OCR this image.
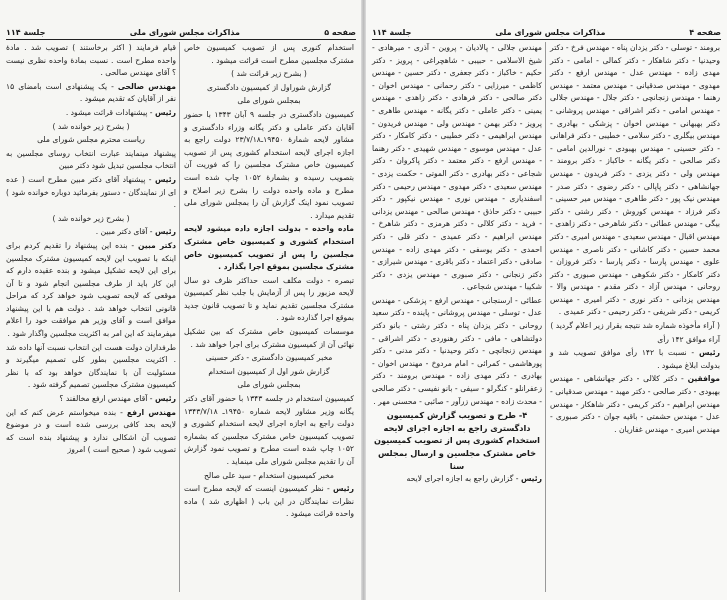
صفحه ۵
مذاکرات مجلس شورای ملی
جلسة ۱۱۴

استخدام کنوری پس از تصویب کمیسیون خاص مشترک مجلسین مطرح است قرائت میشود .

( بشرح زیر قرائت شد )

گزارش شوراول از کمیسیون دادگستری

بمجلس شورای ملی

کمیسیون دادگستری در جلسه ۹ آبان ۱۳۴۳ با حضور آقایان دکتر عاملی و دکتر یگانه وزراء دادگستری و مشاور لایحه شمارهٔ ۱۹۴۵۰ـ۲۳/۷/۱۸ دولت راجع به اجازه اجرای لایحه استخدام کشوری پس از تصویب کمیسیون خاص مشترک مجلسین را که فوریت آن بتصویب رسیده و بشمارهٔ ۱۰۵۲ چاپ شده است مطرح و ماده واحده دولت را بشرح زیر اصلاح و تصویب نمود اینک گزارش آن را بمجلس شورای ملی تقدیم میدارد .

ماده واحده - بدولت اجازه داده میشود لایحه استخدام کشوری و کمیسیون خاص مشترک مجلسین را پس از تصویب کمیسیون خاص مشترک مجلسین بموقع اجرا بگذارد .

تبصره - دولت مکلف است حداکثر ظرف دو سال لایحه مزبور را پس از آزمایش با جلب نظر کمیسیون مشترک مجلسین تقدیم نماید و تا تصویب قانون جدید بموقع اجرا گذارده شود .

موسسات کمیسیون خاص مشترک که بین تشکیل نهائی آن از کمیسیون مشترک برای اجرا خواهد شد .

مخبر کمیسیون دادگستری - دکتر حسینی

گزارش شور اول از کمیسیون استخدام

بمجلس شورای ملی

کمیسیون استخدام در جلسه ۱۳۴۳ با حضور آقای دکتر یگانه وزیر مشاور لایحه شماره ۱۹۴۵۰ـ ۱۳۴۳/۷/۱۸ دولت راجع به اجازه اجرای لایحه استخدام کشوری و تصویب کمیسیون خاص مشترک مجلسین که بشماره ۱۰۵۲ چاپ شده است مطرح و تصویب نمود گزارش آن را تقدیم مجلس شورای ملی مینماید .

مخبر کمیسیون استخدام - سید علی صالح

رئیس - نظر کمیسیون اینست که لایحه مطرح است نظرات نمایندگان در این باب ( اظهاری شد ) ماده واحده قرائت میشود .

قیام فرمایند ( اکثر برخاستند ) تصویب شد . مادهٔ واحده مطرح است . نسبت بمادهٔ واحده نظری نیست ؟ آقای مهندس صالحی .

مهندس صالحی - یک پیشنهادی است بامضای ۱۵ نفر از آقایان که تقدیم میشود .

رئیس - پیشنهادات قرائت میشود .

( بشرح زیر خوانده شد )

ریاست محترم مجلس شورای ملی

پیشنهاد مینمایند عبارت انتخاب روسای مجلسین به انتخاب مجلسین تبدیل شود دکتر مبین

رئیس - پیشنهاد آقای دکتر مبین مطرح است ( عده ای از نمایندگان - دستور بفرمائید دوباره خوانده شود ) .

( بشرح زیر خوانده شد )

رئیس - آقای دکتر مبین .

دکتر مبین - بنده این پیشنهاد را تقدیم کردم برای اینکه با تصویب این لایحه کمیسیون مشترک مجلسین برای این لایحه تشکیل میشود و بنده عقیده دارم که این کار باید از طرف مجلسین انجام شود و تا آن موقعی که لایحه تصویب شود خواهد کرد که مراحل قانونی انتخاب خواهد شد . دولت هم با این پیشنهاد موافق است و آقای وزیر هم موافقت خود را اعلام میفرمایند که این امر به اکثریت مجلسین واگذار شود .

طرفداران دولت هست این انتخاب نسبت آنها داده شد . اکثریت مجلسین بطور کلی تصمیم میگیرند و مسئولیت آن با نمایندگان خواهد بود که با نظر کمیسیون مشترک مجلسین تصمیم گرفته شود .

رئیس - آقای مهندس ارفع مخالفند ؟

مهندس ارفع - بنده میخواستم عرض کنم که این لایحه بحد کافی بررسی شده است و در موضوع تصویب آن اشکالی ندارد و پیشنهاد بنده است که تصویب شود ( صحیح است ) امروز

صفحه ۴
مذاکرات مجلس شورای ملی
جلسة ۱۱۴

برومند - توسلی - دکتر یزدان پناه - مهندس فرخ - دکتر وحیدنیا - دکتر شاهکار - دکتر کمالی - امامی - دکتر مهدی زاده - مهندس عدل - مهندس ارفع - دکتر مهدوی - مهندس صدقیانی - مهندس معتمد - مهندس رهنما - مهندس زنجانچی - دکتر جلال - مهندس جلالی - مهندس امامی - دکتر اشراقی - مهندس پروشانی - دکتر بهبهانی - مهندس اخوان - پزشکی - بهادری - مهندس بیگلری - دکتر سلامی - خطیبی - دکتر فراهانی - دکتر حسینی - مهندس بهبودی - نورالدین امامی - دکتر صالحی - دکتر یگانه - خاکباز - دکتر برومند - مهندس ولی - دکتر یزدی - دکتر فریدون - مهندس جهانشاهی - دکتر پاپالی - دکتر رضوی - دکتر صدر - مهندس نیک پور - دکتر طاهری - مهندس میر حسینی - دکتر فرزاد - مهندس کوروش - دکتر رشتی - دکتر بیگی - مهندس عطائی - دکتر شاهرخی - دکتر زاهدی - مهندس اقبال - مهندس سعیدی - مهندس امیری - دکتر محمد حسین - دکتر کاشانی - دکتر ناصری - مهندس علوی - مهندس پارسا - دکتر پارسا - دکتر فروزان - دکتر کامکار - دکتر شکوهی - مهندس صبوری - دکتر روحانی - مهندس آزاد - دکتر مقدم - مهندس والا - مهندس یزدانی - دکتر نوری - دکتر امیری - مهندس کریمی - دکتر شریفی - دکتر رحیمی - دکتر عمیدی .

( آراء مأخوذه شماره شد نتیجه بقرار زیر اعلام گردید )

آراء موافق ۱۴۲ رأی

رئیس - نسبت با ۱۴۲ رأی موافق تصویب شد و بدولت ابلاغ میشود .

موافقین - دکتر کلالی - دکتر جهانشاهی - مهندس بهبودی - دکتر صالحی - دکتر مهبد - مهندس صدقیانی - مهندس ابراهیم - دکتر کریمی - دکتر شاهکار - مهندس عدل - مهندس حشمتی - باقیه جوان - دکتر صبوری - مهندس امیری - مهندس غفاریان .

مهندس جلالی - پالادیان - پروین - آذری - میرهادی - شیخ الاسلامی - حبیبی - شاهچراغی - پرویز - دکتر حکیم - خاکباز - دکتر جعفری - دکتر حسین - مهندس کاظمی - میرزایی - دکتر رحمانی - مهندس اخوان - دکتر صالحی - دکتر فرهادی - دکتر زاهدی - مهندس یمینی - دکتر عاملی - دکتر یگانه - مهندس طاهری - پرویز - دکتر بهمن - مهندس ولی - مهندس فریدون - مهندس ابراهیمی - دکتر خطیبی - دکتر کامکار - دکتر عدل - مهندس موسوی - مهندس شهیدی - دکتر رهنما - مهندس ارفع - دکتر معتمد - دکتر پاکروان - دکتر شجاعی - دکتر بهادری - دکتر الموتی - حکمت یزدی - مهندس سعیدی - دکتر مهدوی - مهندس رحیمی - دکتر اسفندیاری - مهندس نوری - مهندس نیکپور - دکتر حبیبی - دکتر حاذق - مهندس صالحی - مهندس یزدانی - فرید - دکتر کلالی - دکتر هرمزی - دکتر شاهرخ - مهندس ابراهیم - دکتر عمیدی - دکتر قلی - دکتر احمدی - دکتر یوسفی - دکتر مهدی زاده - مهندس صادقی - دکتر اعتماد - دکتر باقری - مهندس شیرازی - دکتر زنجانی - دکتر صبوری - مهندس یزدی - دکتر شکیبا - مهندس شجاعی .

عطائی - ارسنجانی - مهندس ارفع - پزشکی - مهندس عدل - توسلی - مهندس پروشانی - پاینده - دکتر سعید روحانی - دکتر یزدان پناه - دکتر رشتی - بانو دکتر دولتشاهی - مافی - دکتر رهنوردی - دکتر اشراقی - مهندس زنجانچی - دکتر وحیدنیا - دکتر مدنی - دکتر پورهاشمی - کمرائی - امام مردوخ - مهندس اخوان - بهادری - دکتر مهدی زاده - مهندس برومند - دکتر زعفرانلو - کنگرلو - سیفی - بانو نفیسی - دکتر صالحی - محدث زاده - مهندس زرآور - صائبی - محسنی مهر .

۴- طرح و تصویب گزارش کمیسیون دادگستری راجع به اجازه اجرای لایحه استخدام کشوری پس از تصویب کمیسیون خاص مشترک مجلسین و ارسال بمجلس سنا

رئیس - گزارش راجع به اجازه اجرای لایحه
